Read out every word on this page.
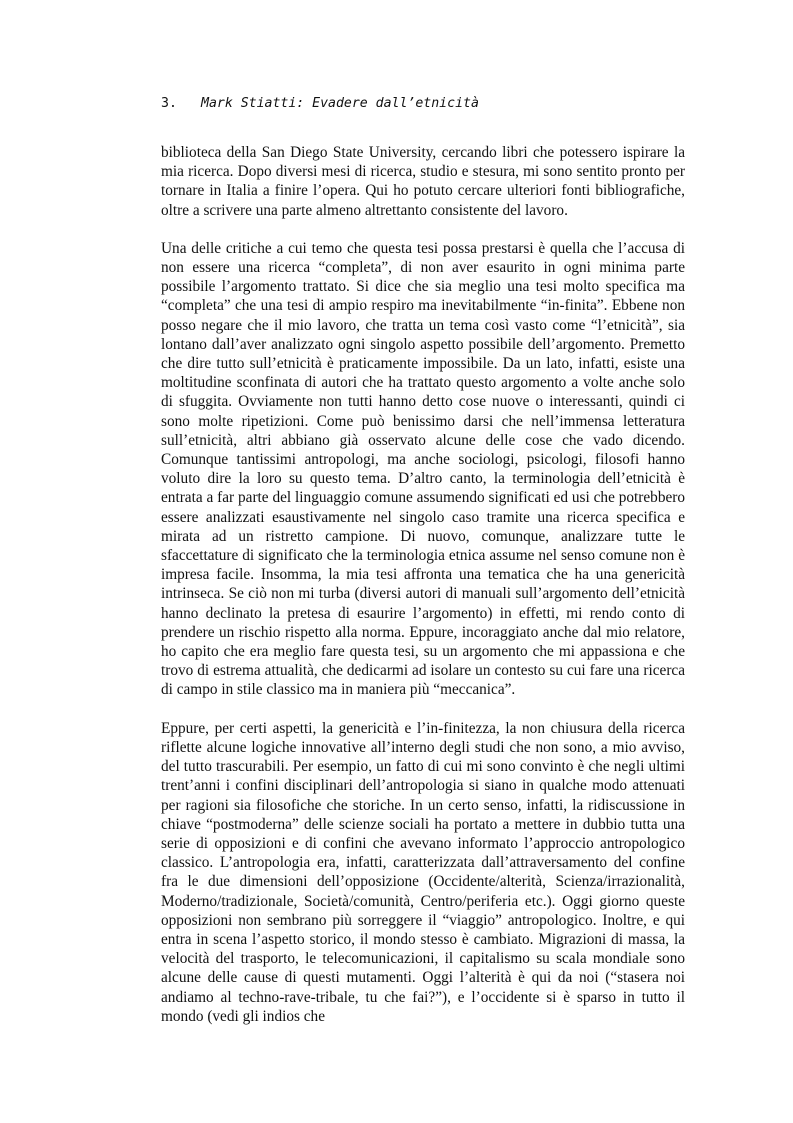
3. Mark Stiatti: Evadere dall’etnicità

biblioteca della San Diego State University, cercando libri che potessero ispirare la mia ricerca. Dopo diversi mesi di ricerca, studio e stesura, mi sono sentito pronto per tornare in Italia a finire l’opera. Qui ho potuto cercare ulteriori fonti bibliografiche, oltre a scrivere una parte almeno altrettanto consistente del lavoro.

Una delle critiche a cui temo che questa tesi possa prestarsi è quella che l’accusa di non essere una ricerca “completa”, di non aver esaurito in ogni minima parte possibile l’argomento trattato. Si dice che sia meglio una tesi molto specifica ma “completa” che una tesi di ampio respiro ma inevitabilmente “in-finita”. Ebbene non posso negare che il mio lavoro, che tratta un tema così vasto come “l’etnicità”, sia lontano dall’aver analizzato ogni singolo aspetto possibile dell’argomento. Premetto che dire tutto sull’etnicità è praticamente impossibile. Da un lato, infatti, esiste una moltitudine sconfinata di autori che ha trattato questo argomento a volte anche solo di sfuggita. Ovviamente non tutti hanno detto cose nuove o interessanti, quindi ci sono molte ripetizioni. Come può benissimo darsi che nell’immensa letteratura sull’etnicità, altri abbiano già osservato alcune delle cose che vado dicendo. Comunque tantissimi antropologi, ma anche sociologi, psicologi, filosofi hanno voluto dire la loro su questo tema. D’altro canto, la terminologia dell’etnicità è entrata a far parte del linguaggio comune assumendo significati ed usi che potrebbero essere analizzati esaustivamente nel singolo caso tramite una ricerca specifica e mirata ad un ristretto campione. Di nuovo, comunque, analizzare tutte le sfaccettature di significato che la terminologia etnica assume nel senso comune non è impresa facile. Insomma, la mia tesi affronta una tematica che ha una genericità intrinseca. Se ciò non mi turba (diversi autori di manuali sull’argomento dell’etnicità hanno declinato la pretesa di esaurire l’argomento) in effetti, mi rendo conto di prendere un rischio rispetto alla norma. Eppure, incoraggiato anche dal mio relatore, ho capito che era meglio fare questa tesi, su un argomento che mi appassiona e che trovo di estrema attualità, che dedicarmi ad isolare un contesto su cui fare una ricerca di campo in stile classico ma in maniera più “meccanica”.

Eppure, per certi aspetti, la genericità e l’in-finitezza, la non chiusura della ricerca riflette alcune logiche innovative all’interno degli studi che non sono, a mio avviso, del tutto trascurabili. Per esempio, un fatto di cui mi sono convinto è che negli ultimi trent’anni i confini disciplinari dell’antropologia si siano in qualche modo attenuati per ragioni sia filosofiche che storiche. In un certo senso, infatti, la ridiscussione in chiave “postmoderna” delle scienze sociali ha portato a mettere in dubbio tutta una serie di opposizioni e di confini che avevano informato l’approccio antropologico classico. L’antropologia era, infatti, caratterizzata dall’attraversamento del confine fra le due dimensioni dell’opposizione (Occidente/alterità, Scienza/irrazionalità, Moderno/tradizionale, Società/comunità, Centro/periferia etc.). Oggi giorno queste opposizioni non sembrano più sorreggere il “viaggio” antropologico. Inoltre, e qui entra in scena l’aspetto storico, il mondo stesso è cambiato. Migrazioni di massa, la velocità del trasporto, le telecomunicazioni, il capitalismo su scala mondiale sono alcune delle cause di questi mutamenti. Oggi l’alterità è qui da noi (“stasera noi andiamo al techno-rave-tribale, tu che fai?”), e l’occidente si è sparso in tutto il mondo (vedi gli indios che
